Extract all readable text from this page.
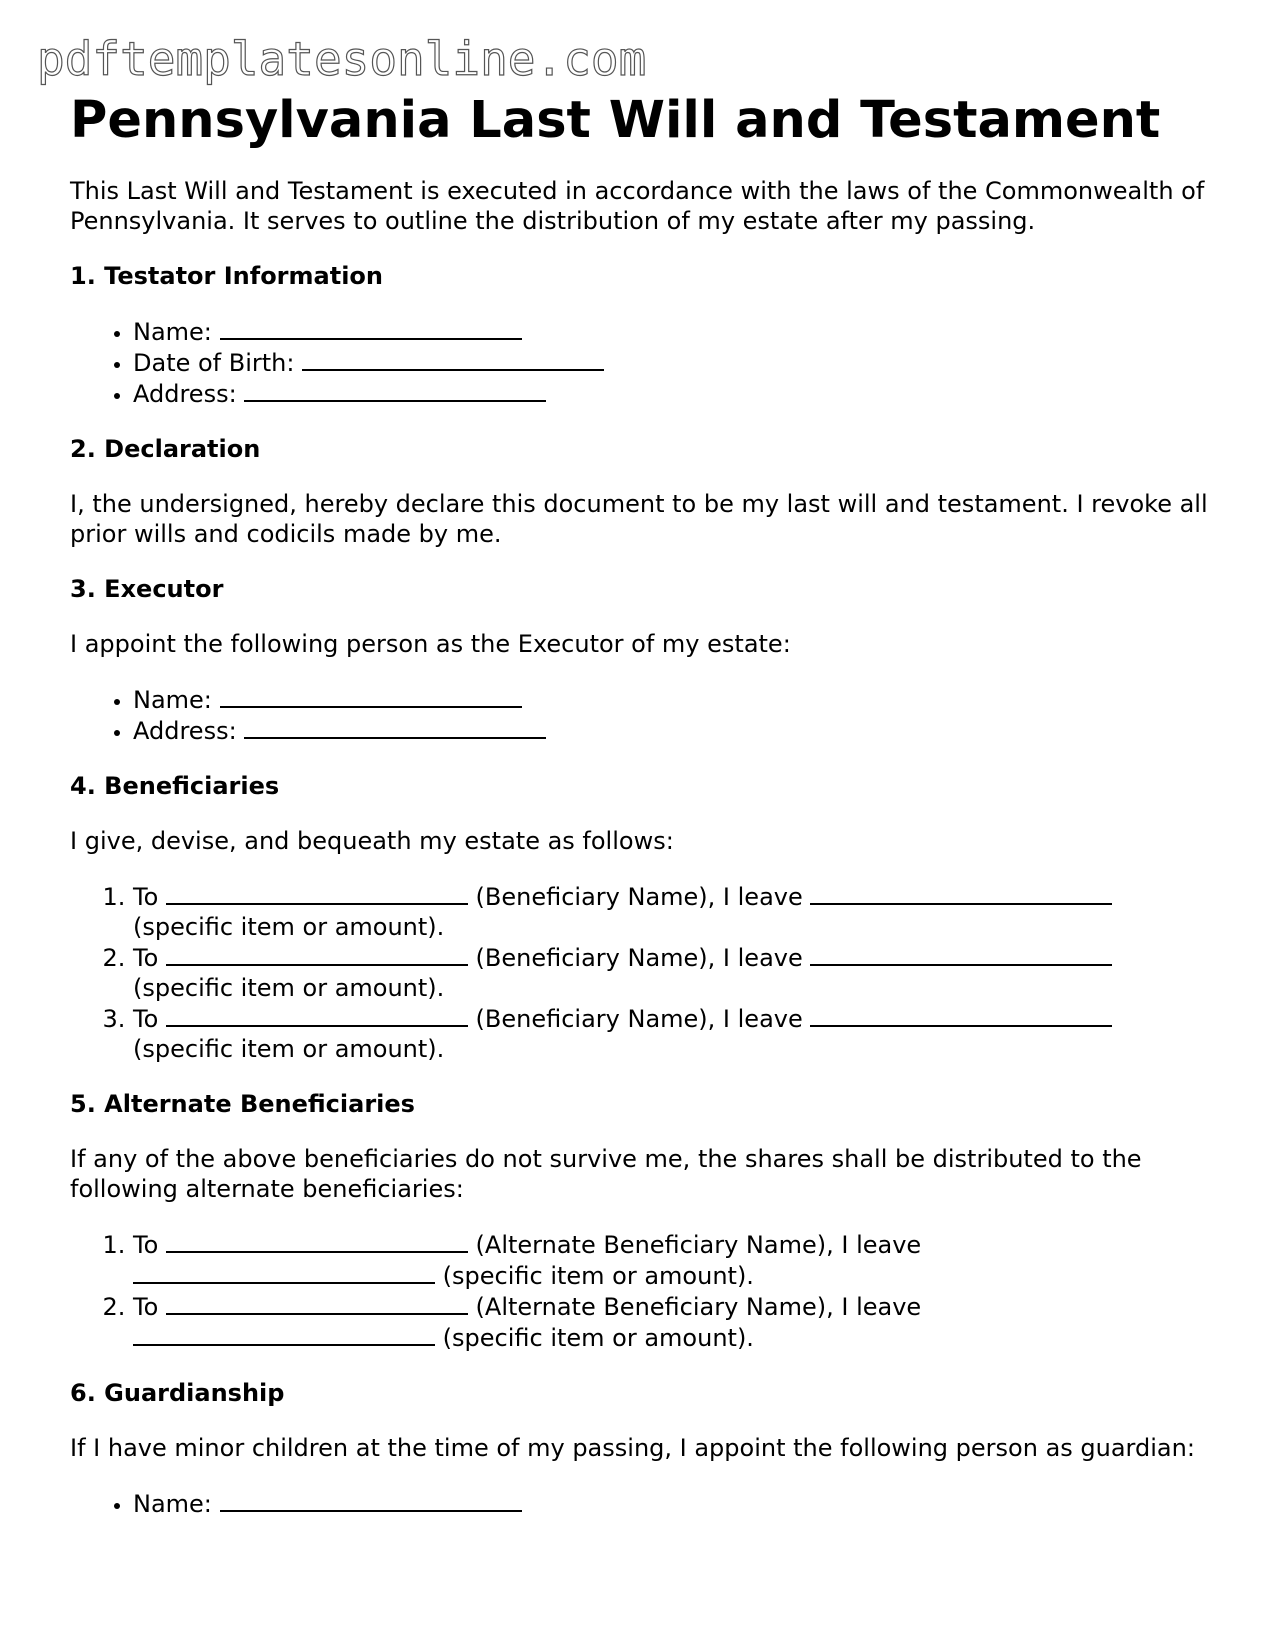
pdftemplatesonline.com
Pennsylvania Last Will and Testament

This Last Will and Testament is executed in accordance with the laws of the Commonwealth of Pennsylvania. It serves to outline the distribution of my estate after my passing.

1. Testator Information
• Name:
• Date of Birth:
• Address:
2. Declaration

I, the undersigned, hereby declare this document to be my last will and testament. I revoke all prior wills and codicils made by me.

3. Executor

I appoint the following person as the Executor of my estate:

• Name:
• Address:
4. Beneficiaries

I give, devise, and bequeath my estate as follows:

1. To	(Beneficiary Name), I leave  (specific item or amount).
2. To	(Beneficiary Name), I leave  (specific item or amount).
3. To	(Beneficiary Name), I leave  (specific item or amount).
5. Alternate Beneficiaries

If any of the above beneficiaries do not survive me, the shares shall be distributed to the following alternate beneficiaries:

1. To	(Alternate Beneficiary Name), I leave  (specific item or amount).
2. To	(Alternate Beneficiary Name), I leave  (specific item or amount).
6. Guardianship

If I have minor children at the time of my passing, I appoint the following person as guardian:

• Name:
